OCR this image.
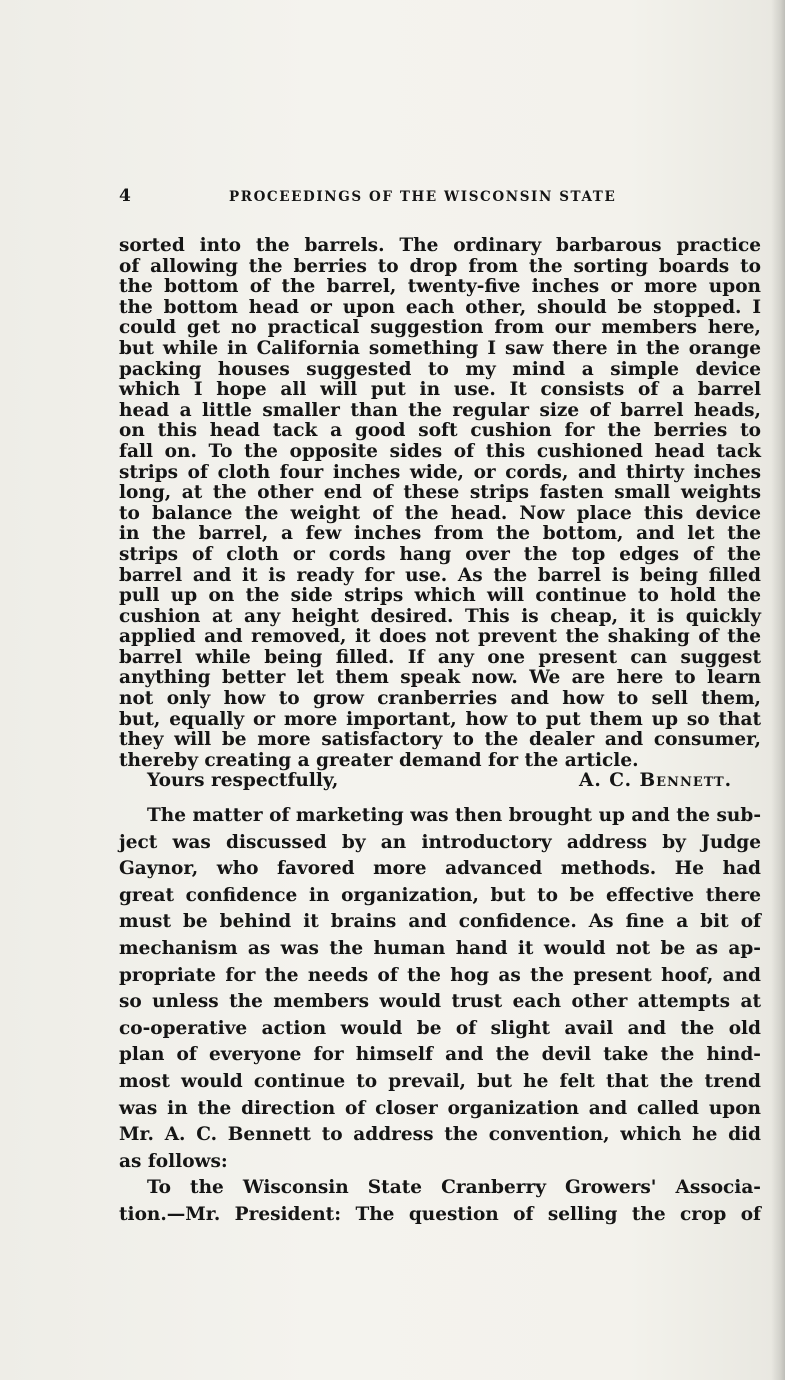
4	PROCEEDINGS OF THE WISCONSIN STATE
sorted into the barrels. The ordinary barbarous practice
of allowing the berries to drop from the sorting boards to
the bottom of the barrel, twenty-five inches or more upon
the bottom head or upon each other, should be stopped. I
could get no practical suggestion from our members here,
but while in California something I saw there in the orange
packing houses suggested to my mind a simple device
which I hope all will put in use. It consists of a barrel
head a little smaller than the regular size of barrel heads,
on this head tack a good soft cushion for the berries to
fall on. To the opposite sides of this cushioned head tack
strips of cloth four inches wide, or cords, and thirty inches
long, at the other end of these strips fasten small weights
to balance the weight of the head. Now place this device
in the barrel, a few inches from the bottom, and let the
strips of cloth or cords hang over the top edges of the
barrel and it is ready for use. As the barrel is being filled
pull up on the side strips which will continue to hold the
cushion at any height desired. This is cheap, it is quickly
applied and removed, it does not prevent the shaking of the
barrel while being filled. If any one present can suggest
anything better let them speak now. We are here to learn
not only how to grow cranberries and how to sell them,
but, equally or more important, how to put them up so that
they will be more satisfactory to the dealer and consumer,
thereby creating a greater demand for the article.
Yours respectfully,	A. C. Bennett.
The matter of marketing was then brought up and the sub-
ject was discussed by an introductory address by Judge
Gaynor, who favored more advanced methods. He had
great confidence in organization, but to be effective there
must be behind it brains and confidence. As fine a bit of
mechanism as was the human hand it would not be as ap-
propriate for the needs of the hog as the present hoof, and
so unless the members would trust each other attempts at
co-operative action would be of slight avail and the old
plan of everyone for himself and the devil take the hind-
most would continue to prevail, but he felt that the trend
was in the direction of closer organization and called upon
Mr. A. C. Bennett to address the convention, which he did
as follows:
To the Wisconsin State Cranberry Growers' Associa-
tion.—Mr. President: The question of selling the crop of
